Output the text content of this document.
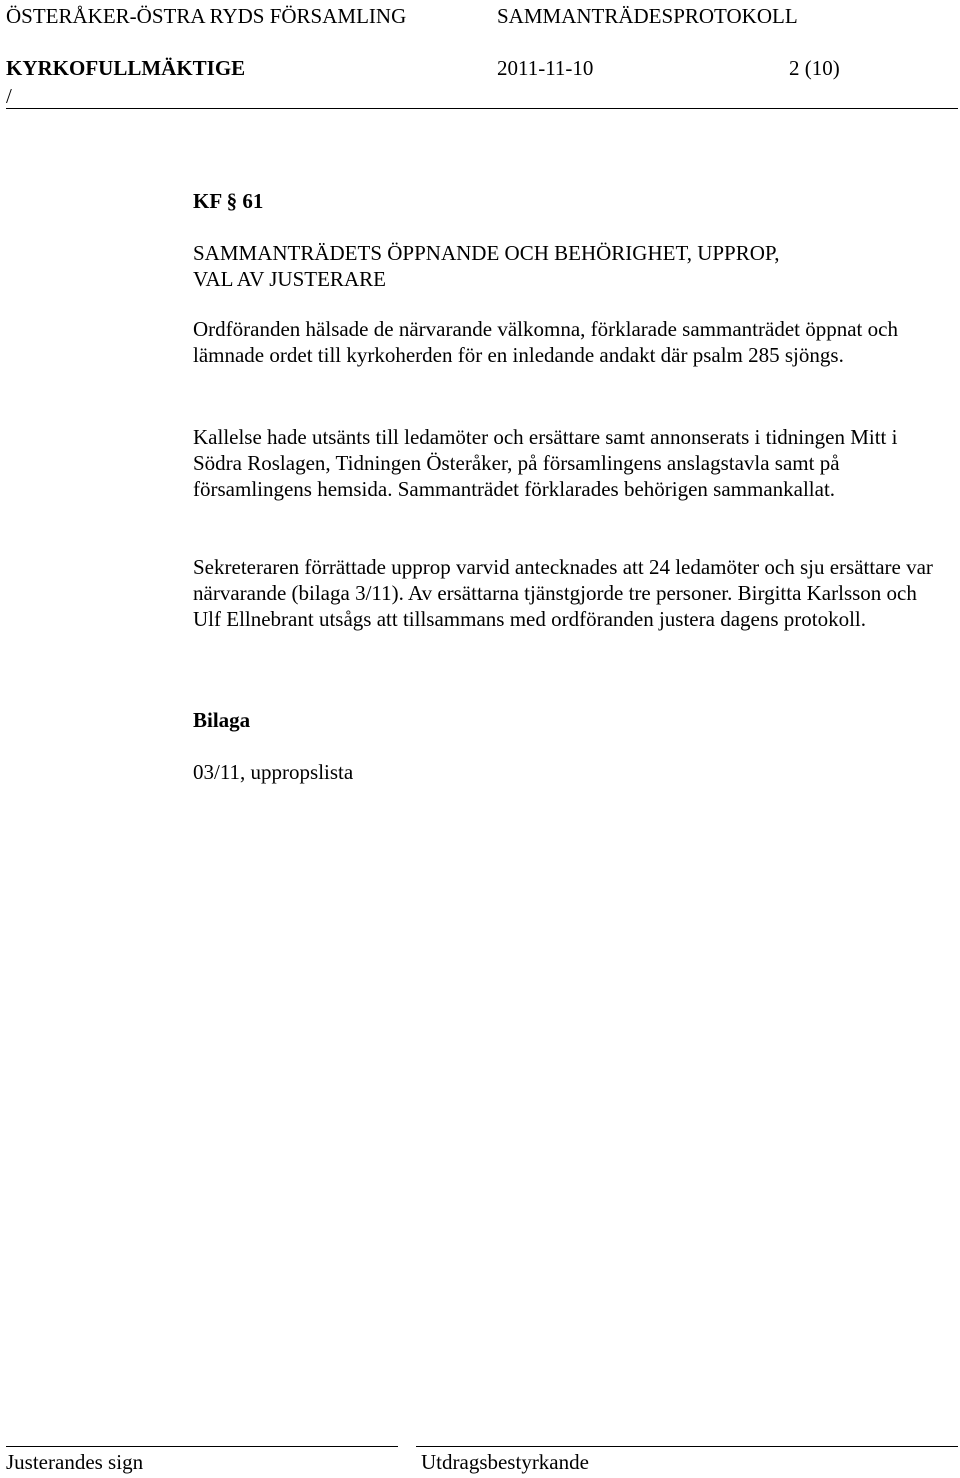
ÖSTERÅKER-ÖSTRA RYDS FÖRSAMLING	SAMMANTRÄDESPROTOKOLL
KYRKOFULLMÄKTIGE	2011-11-10	2 (10)
/
KF § 61
SAMMANTRÄDETS ÖPPNANDE OCH BEHÖRIGHET, UPPROP,
VAL AV JUSTERARE

Ordföranden hälsade de närvarande välkomna, förklarade sammanträdet öppnat och lämnade ordet till kyrkoherden för en inledande andakt där psalm 285 sjöngs.

Kallelse hade utsänts till ledamöter och ersättare samt annonserats i tidningen Mitt i Södra Roslagen, Tidningen Österåker, på församlingens anslagstavla samt på församlingens hemsida. Sammanträdet förklarades behörigen sammankallat.

Sekreteraren förrättade upprop varvid antecknades att 24 ledamöter och sju ersättare var närvarande (bilaga 3/11). Av ersättarna tjänstgjorde tre personer. Birgitta Karlsson och Ulf Ellnebrant utsågs att tillsammans med ordföranden justera dagens protokoll.

Bilaga
03/11, uppropslista
Justerandes sign	Utdragsbestyrkande
